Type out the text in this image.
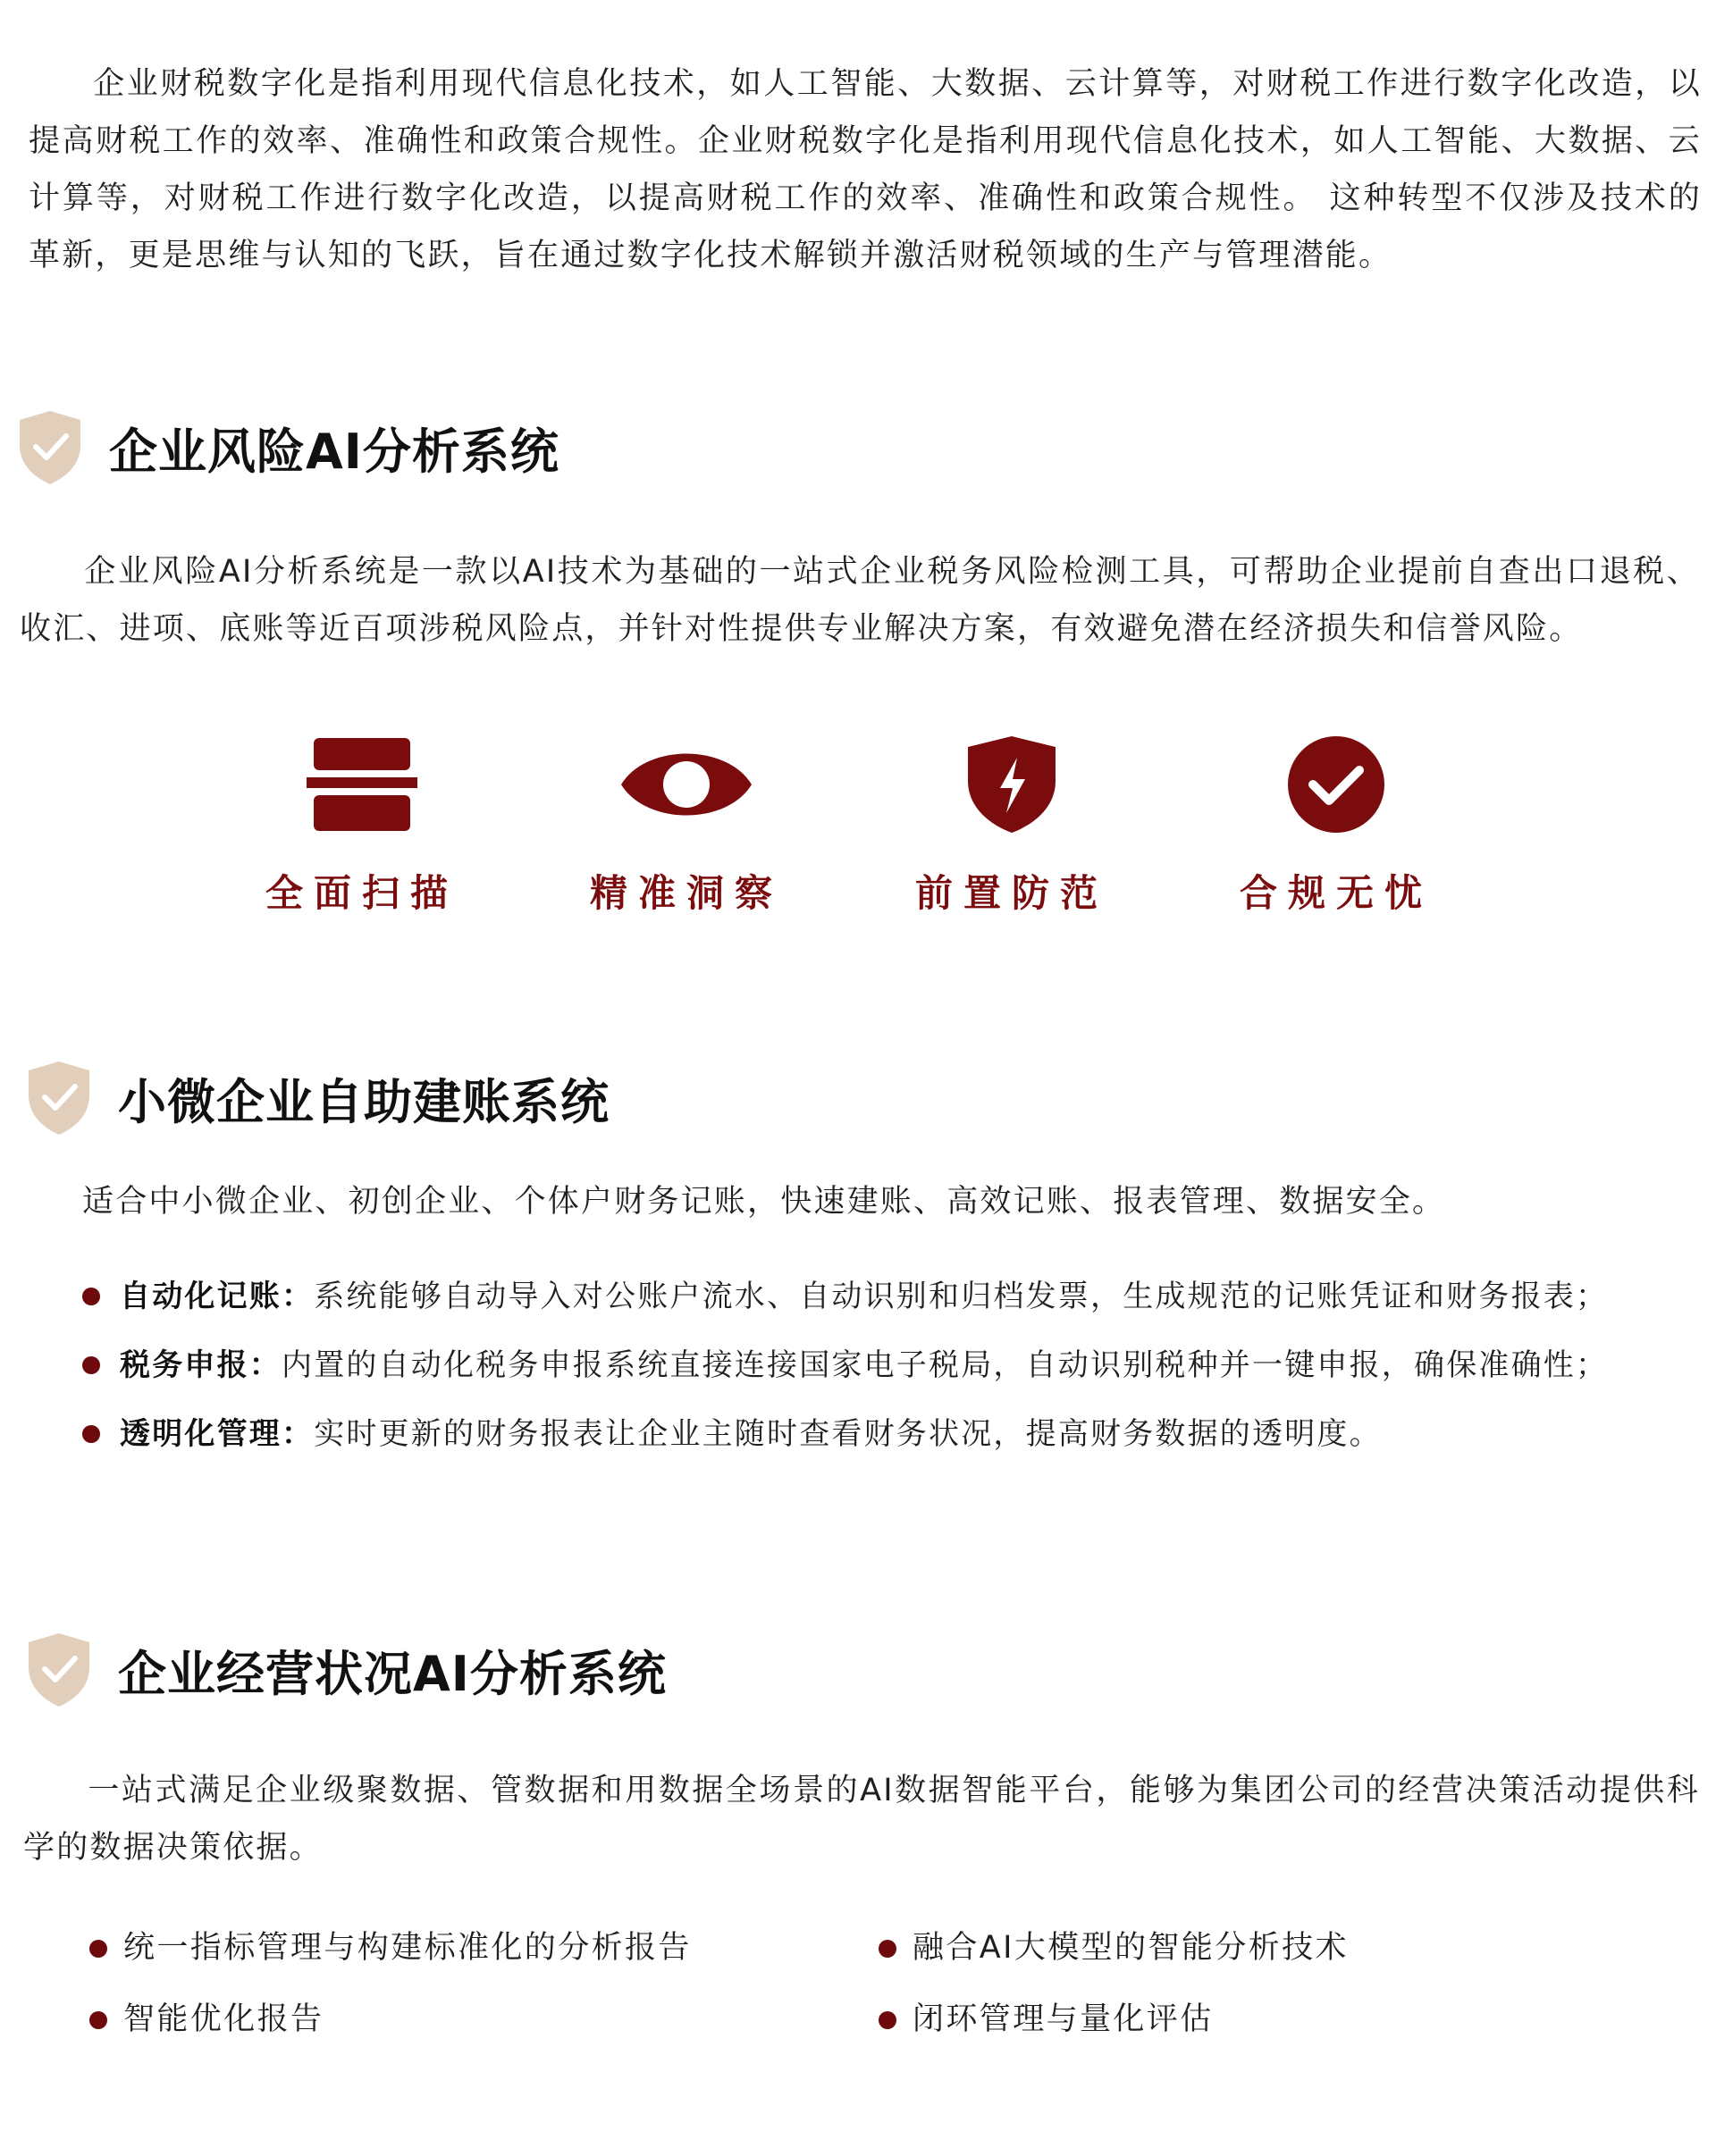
企业财税数字化是指利用现代信息化技术，如人工智能、大数据、云计算等，对财税工作进行数字化改造，以提高财税工作的效率、准确性和政策合规性。企业财税数字化是指利用现代信息化技术，如人工智能、大数据、云计算等，对财税工作进行数字化改造，以提高财税工作的效率、准确性和政策合规性。 这种转型不仅涉及技术的革新，更是思维与认知的飞跃，旨在通过数字化技术解锁并激活财税领域的生产与管理潜能。

企业风险AI分析系统

企业风险AI分析系统是一款以AI技术为基础的一站式企业税务风险检测工具，可帮助企业提前自查出口退税、收汇、进项、底账等近百项涉税风险点，并针对性提供专业解决方案，有效避免潜在经济损失和信誉风险。

全面扫描	精准洞察	前置防范	合规无忧
小微企业自助建账系统

适合中小微企业、初创企业、个体户财务记账，快速建账、高效记账、报表管理、数据安全。

自动化记账：系统能够自动导入对公账户流水、自动识别和归档发票，生成规范的记账凭证和财务报表；
税务申报：内置的自动化税务申报系统直接连接国家电子税局，自动识别税种并一键申报，确保准确性；
透明化管理：实时更新的财务报表让企业主随时查看财务状况，提高财务数据的透明度。
企业经营状况AI分析系统

一站式满足企业级聚数据、管数据和用数据全场景的AI数据智能平台，能够为集团公司的经营决策活动提供科学的数据决策依据。

统一指标管理与构建标准化的分析报告	融合AI大模型的智能分析技术
智能优化报告	闭环管理与量化评估
